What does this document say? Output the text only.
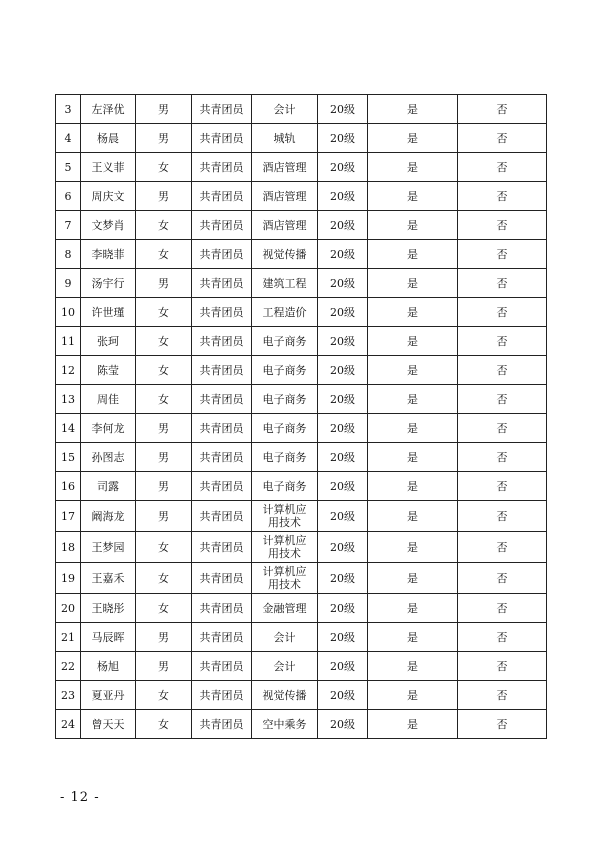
3	左泽优	男	共青团员	会计	20级	是	否
4	杨晨	男	共青团员	城轨	20级	是	否
5	王义菲	女	共青团员	酒店管理	20级	是	否
6	周庆文	男	共青团员	酒店管理	20级	是	否
7	文梦肖	女	共青团员	酒店管理	20级	是	否
8	李晓菲	女	共青团员	视觉传播	20级	是	否
9	汤宇行	男	共青团员	建筑工程	20级	是	否
10	许世瑾	女	共青团员	工程造价	20级	是	否
11	张珂	女	共青团员	电子商务	20级	是	否
12	陈莹	女	共青团员	电子商务	20级	是	否
13	周佳	女	共青团员	电子商务	20级	是	否
14	李何龙	男	共青团员	电子商务	20级	是	否
15	孙图志	男	共青团员	电子商务	20级	是	否
16	司露	男	共青团员	电子商务	20级	是	否
17	阚海龙	男	共青团员	计算机应用技术	20级	是	否
18	王梦园	女	共青团员	计算机应用技术	20级	是	否
19	王嘉禾	女	共青团员	计算机应用技术	20级	是	否
20	王晓彤	女	共青团员	金融管理	20级	是	否
21	马辰晖	男	共青团员	会计	20级	是	否
22	杨旭	男	共青团员	会计	20级	是	否
23	夏亚丹	女	共青团员	视觉传播	20级	是	否
24	曾天天	女	共青团员	空中乘务	20级	是	否
- 12 -
